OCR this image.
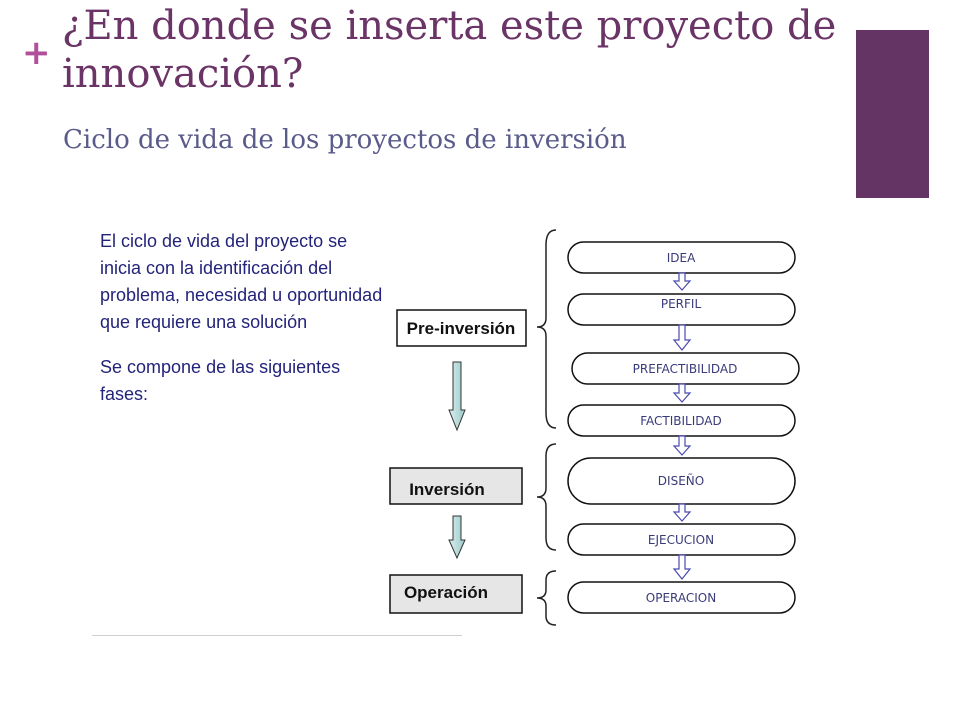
+
¿En donde se inserta este proyecto de innovación?
Ciclo de vida de los proyectos de inversión

El ciclo de vida del proyecto se inicia con la identificación del problema, necesidad u oportunidad que requiere una solución

Se compone de las siguientes fases:

Pre-inversión
Inversión
Operación
IDEA
PERFIL
PREFACTIBILIDAD
FACTIBILIDAD
DISEÑO
EJECUCION
OPERACION
